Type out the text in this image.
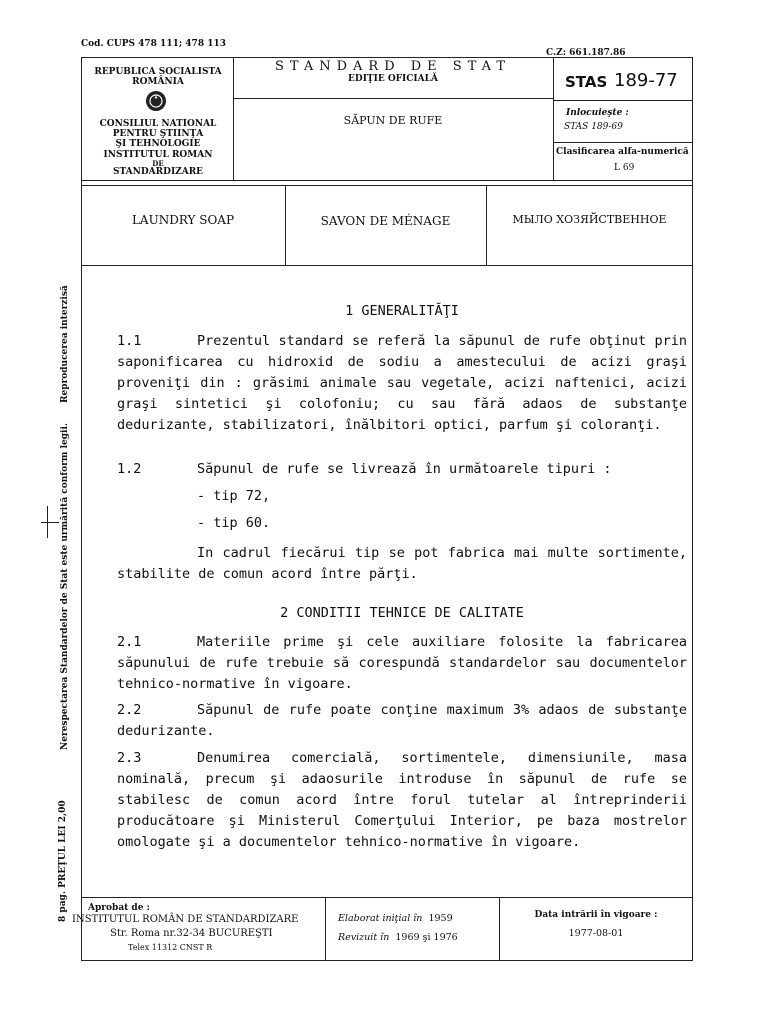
Cod. CUPS 478 111; 478 113
C.Z: 661.187.86
REPUBLICA SOCIALISTA
ROMÂNIA
CONSILIUL NATIONAL
PENTRU ŞTIINŢA
ŞI TEHNOLOGIE
INSTITUTUL ROMAN
DE
STANDARDIZARE
STANDARD DE STAT
EDIŢIE OFICIALĂ
SĂPUN DE RUFE
STAS 189-77
Inlocuieşte :
STAS 189-69
Clasificarea alfa-numerică
L 69
LAUNDRY SOAP	SAVON DE MÉNAGE	МЫЛО ХОЗЯЙСТВЕННОЕ
1 GENERALITĂŢI
1.1	Prezentul standard se referă la săpunul de rufe obţinut prin saponificarea cu hidroxid de sodiu a amestecului de acizi graşi proveniţi din : grăsimi animale sau vegetale, acizi naftenici, acizi graşi sintetici şi colofoniu; cu sau fără adaos de substanţe dedurizante, stabilizatori, înălbitori optici, parfum şi coloranţi.
1.2	Săpunul de rufe se livrează în următoarele tipuri :
- tip 72,
- tip 60.
In cadrul fiecărui tip se pot fabrica mai multe sortimente, stabilite de comun acord între părţi.
2 CONDITII TEHNICE DE CALITATE
2.1	Materiile prime şi cele auxiliare folosite la fabricarea săpunului de rufe trebuie să corespundă standardelor sau documentelor tehnico-normative în vigoare.
2.2	Săpunul de rufe poate conţine maximum 3% adaos de substanţe dedurizante.
2.3	Denumirea comercială, sortimentele, dimensiunile, masa nominală, precum şi adaosurile introduse în săpunul de rufe se stabilesc de comun acord între forul tutelar al întreprinderii producătoare şi Ministerul Comerţului Interior, pe baza mostrelor omologate şi a documentelor tehnico-normative în vigoare.
Reproducerea interzisă
Nerespectarea Standardelor de Stat este urmărită conform legii.
8 pag. PREŢUL LEI 2,00 Aprobat de :
INSTITUTUL ROMÂN DE STANDARDIZARE
Str. Roma nr.32-34 BUCUREŞTI
Telex 11312 CNST R
Elaborat iniţial în 1959
Revizuit în 1969 şi 1976
Data intrării în vigoare :
1977-08-01
